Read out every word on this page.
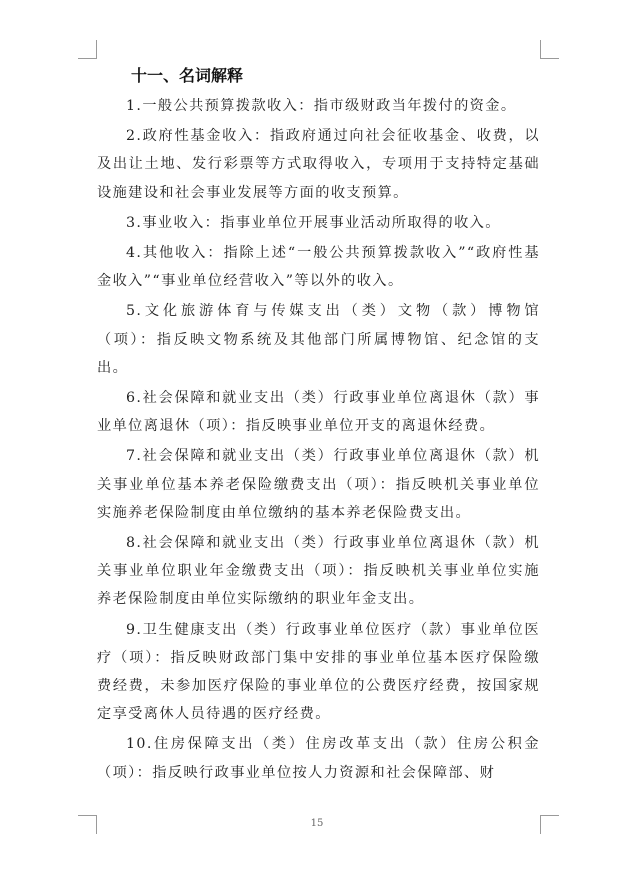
十一、名词解释

1.一般公共预算拨款收入：指市级财政当年拨付的资金。

2.政府性基金收入：指政府通过向社会征收基金、收费，以及出让土地、发行彩票等方式取得收入，专项用于支持特定基础设施建设和社会事业发展等方面的收支预算。

3.事业收入：指事业单位开展事业活动所取得的收入。

4.其他收入：指除上述“一般公共预算拨款收入”“政府性基金收入”“事业单位经营收入”等以外的收入。

5.文化旅游体育与传媒支出（类）文物（款）博物馆（项）：指反映文物系统及其他部门所属博物馆、纪念馆的支出。

6.社会保障和就业支出（类）行政事业单位离退休（款）事业单位离退休（项）：指反映事业单位开支的离退休经费。

7.社会保障和就业支出（类）行政事业单位离退休（款）机关事业单位基本养老保险缴费支出（项）：指反映机关事业单位实施养老保险制度由单位缴纳的基本养老保险费支出。

8.社会保障和就业支出（类）行政事业单位离退休（款）机关事业单位职业年金缴费支出（项）：指反映机关事业单位实施养老保险制度由单位实际缴纳的职业年金支出。

9.卫生健康支出（类）行政事业单位医疗（款）事业单位医疗（项）：指反映财政部门集中安排的事业单位基本医疗保险缴费经费，未参加医疗保险的事业单位的公费医疗经费，按国家规定享受离休人员待遇的医疗经费。

10.住房保障支出（类）住房改革支出（款）住房公积金（项）：指反映行政事业单位按人力资源和社会保障部、财

15
